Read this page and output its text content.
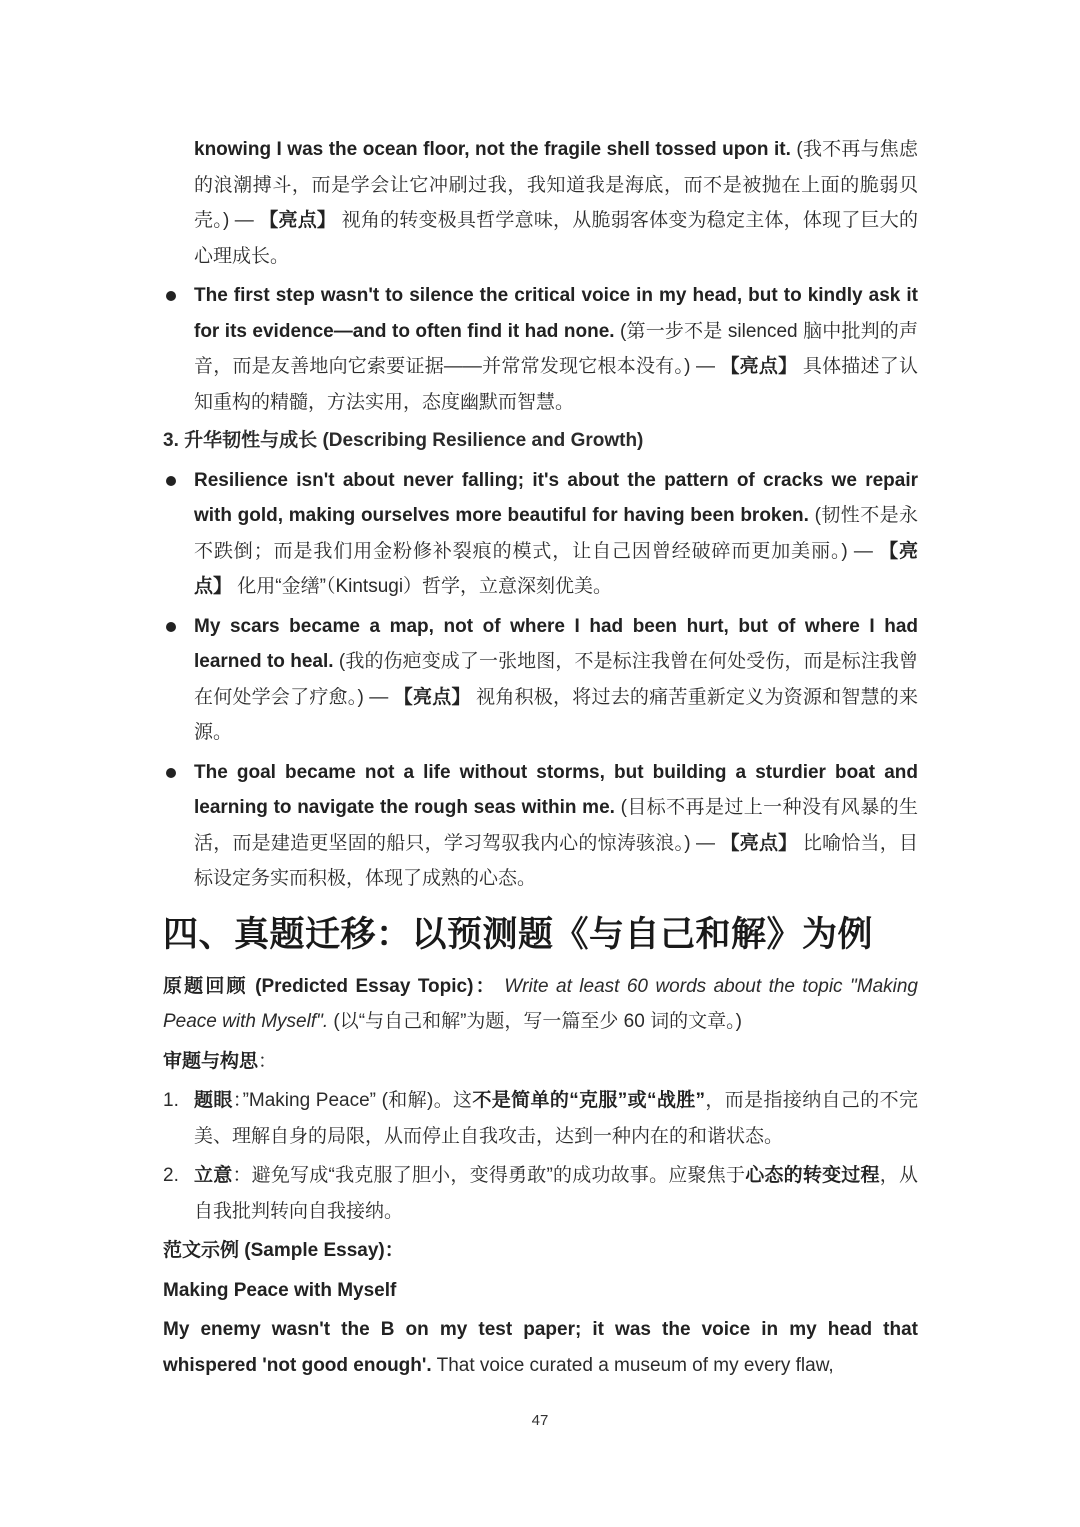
knowing I was the ocean floor, not the fragile shell tossed upon it. (我不再与焦虑的浪潮搏斗，而是学会让它冲刷过我，我知道我是海底，而不是被抛在上面的脆弱贝壳。) — 【亮点】 视角的转变极具哲学意味，从脆弱客体变为稳定主体，体现了巨大的心理成长。

The first step wasn't to silence the critical voice in my head, but to kindly ask it for its evidence—and to often find it had none. (第一步不是 silenced 脑中批判的声音，而是友善地向它索要证据——并常常发现它根本没有。) — 【亮点】 具体描述了认知重构的精髓，方法实用，态度幽默而智慧。

3. 升华韧性与成长 (Describing Resilience and Growth)

Resilience isn't about never falling; it's about the pattern of cracks we repair with gold, making ourselves more beautiful for having been broken. (韧性不是永不跌倒；而是我们用金粉修补裂痕的模式，让自己因曾经破碎而更加美丽。) — 【亮点】 化用“金缮”（Kintsugi）哲学，立意深刻优美。

My scars became a map, not of where I had been hurt, but of where I had learned to heal. (我的伤疤变成了一张地图，不是标注我曾在何处受伤，而是标注我曾在何处学会了疗愈。) — 【亮点】 视角积极，将过去的痛苦重新定义为资源和智慧的来源。

The goal became not a life without storms, but building a sturdier boat and learning to navigate the rough seas within me. (目标不再是过上一种没有风暴的生活，而是建造更坚固的船只，学习驾驭我内心的惊涛骇浪。) — 【亮点】 比喻恰当，目标设定务实而积极，体现了成熟的心态。

四、真题迁移：以预测题《与自己和解》为例

原题回顾 (Predicted Essay Topic)： Write at least 60 words about the topic "Making Peace with Myself". (以“与自己和解”为题，写一篇至少 60 词的文章。)

审题与构思：
1. 题眼：”Making Peace” (和解)。这不是简单的“克服”或“战胜”，而是指接纳自己的不完美、理解自身的局限，从而停止自我攻击，达到一种内在的和谐状态。

2. 立意：避免写成“我克服了胆小，变得勇敢”的成功故事。应聚焦于心态的转变过程，从自我批判转向自我接纳。

范文示例 (Sample Essay)：
Making Peace with Myself

My enemy wasn't the B on my test paper; it was the voice in my head that whispered 'not good enough'. That voice curated a museum of my every flaw,

47
